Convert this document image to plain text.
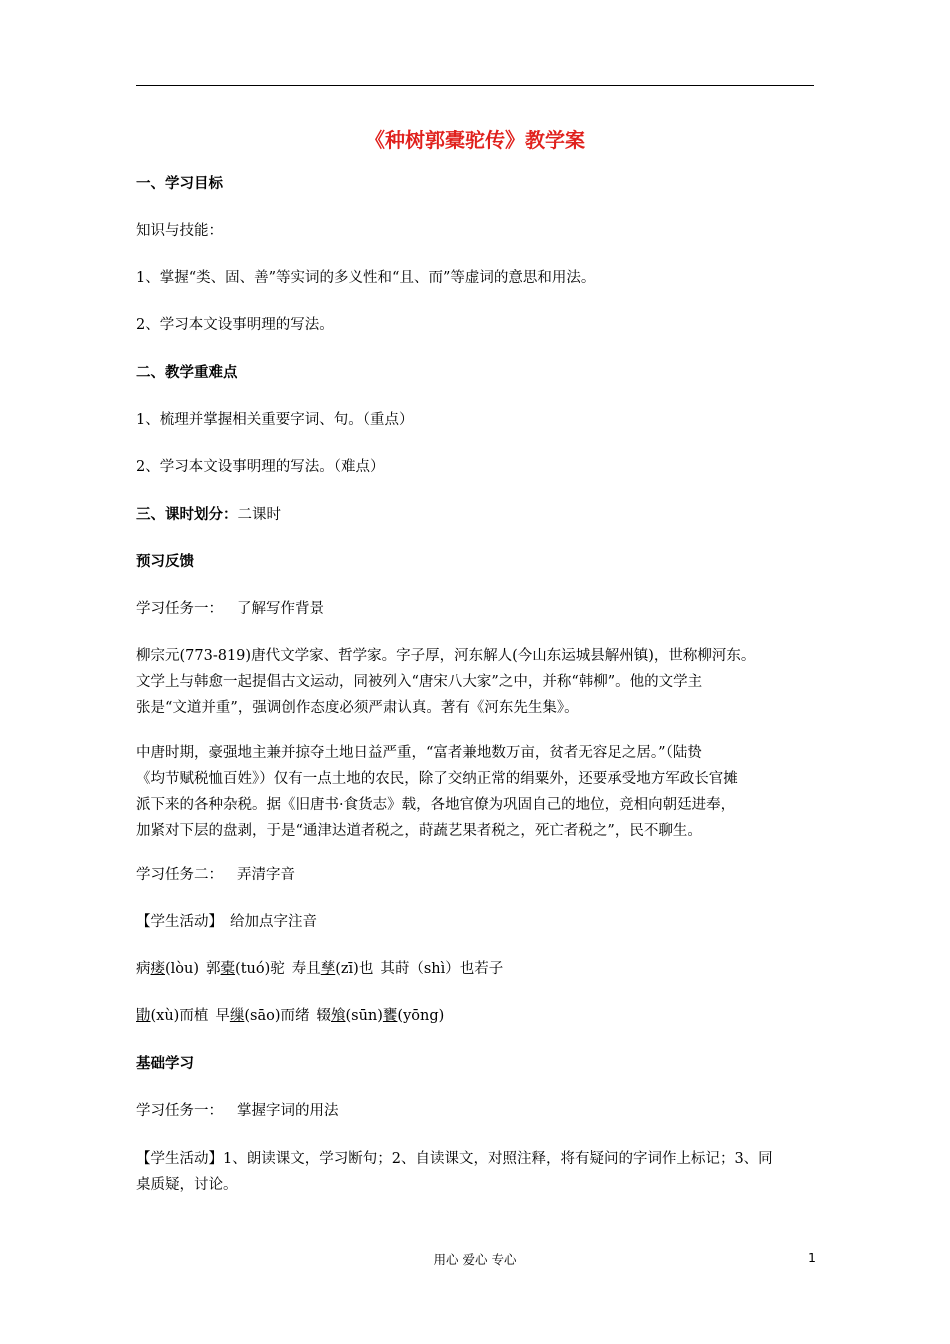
《种树郭橐驼传》教学案
一、学习目标
知识与技能：
1、掌握“类、固、善”等实词的多义性和“且、而”等虚词的意思和用法。
2、学习本文设事明理的写法。
二、教学重难点
1、梳理并掌握相关重要字词、句。（重点）
2、学习本文设事明理的写法。（难点）
三、课时划分：二课时
预习反馈
学习任务一： 了解写作背景
柳宗元(773-819)唐代文学家、哲学家。字子厚，河东解人(今山东运城县解州镇)，世称柳河东。
文学上与韩愈一起提倡古文运动，同被列入“唐宋八大家”之中，并称“韩柳”。他的文学主
张是“文道并重”，强调创作态度必须严肃认真。著有《河东先生集》。
中唐时期，豪强地主兼并掠夺土地日益严重，“富者兼地数万亩，贫者无容足之居。”（陆贽
《均节赋税恤百姓》）仅有一点土地的农民，除了交纳正常的绢粟外，还要承受地方军政长官摊
派下来的各种杂税。据《旧唐书·食货志》载，各地官僚为巩固自己的地位，竞相向朝廷进奉，
加紧对下层的盘剥，于是“通津达道者税之，莳蔬艺果者税之，死亡者税之”，民不聊生。
学习任务二： 弄清字音
【学生活动】 给加点字注音
病瘘(lòu) 郭橐(tuó)驼 寿且孳(zī)也 其莳（shì）也若子
勖(xù)而植 早缫(sāo)而绪 辍飧(sūn)饔(yōng)
基础学习
学习任务一： 掌握字词的用法
【学生活动】1、朗读课文，学习断句；2、自读课文，对照注释，将有疑问的字词作上标记；3、同
桌质疑，讨论。
用心 爱心 专心	1
